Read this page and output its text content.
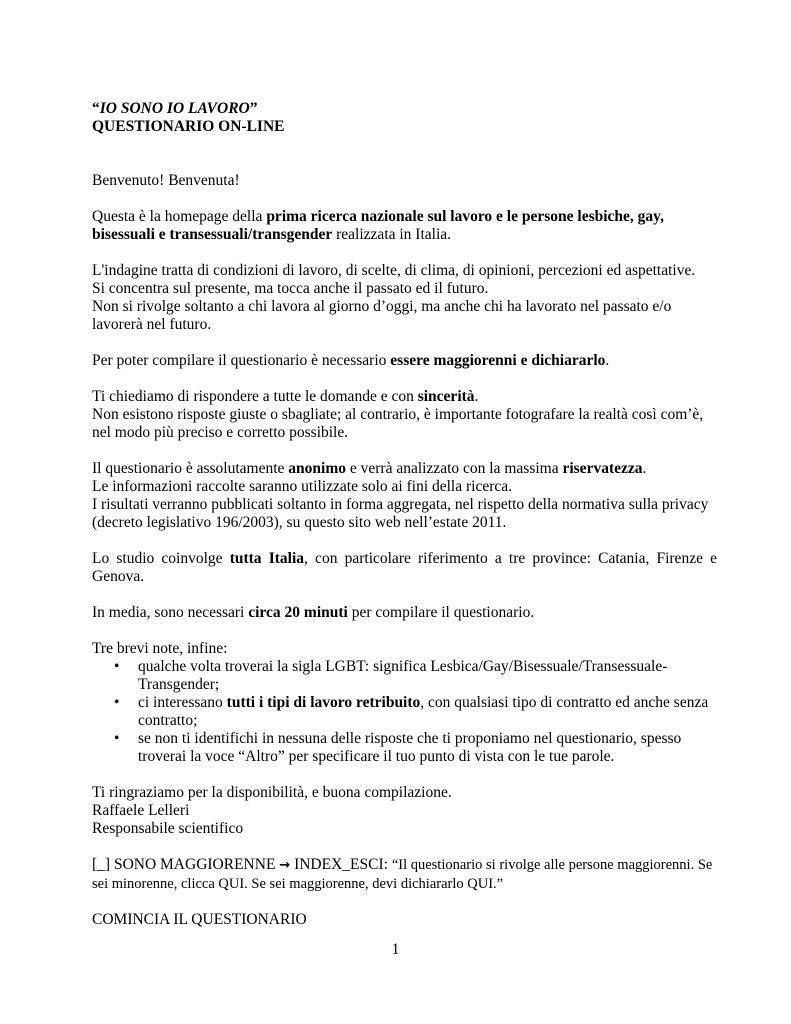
“IO SONO IO LAVORO”

QUESTIONARIO ON-LINE

Benvenuto! Benvenuta!

Questa è la homepage della prima ricerca nazionale sul lavoro e le persone lesbiche, gay, bisessuali e transessuali/transgender realizzata in Italia.

L'indagine tratta di condizioni di lavoro, di scelte, di clima, di opinioni, percezioni ed aspettative.
Si concentra sul presente, ma tocca anche il passato ed il futuro.
Non si rivolge soltanto a chi lavora al giorno d’oggi, ma anche chi ha lavorato nel passato e/o lavorerà nel futuro.

Per poter compilare il questionario è necessario essere maggiorenni e dichiararlo.

Ti chiediamo di rispondere a tutte le domande e con sincerità.
Non esistono risposte giuste o sbagliate; al contrario, è importante fotografare la realtà così com’è, nel modo più preciso e corretto possibile.

Il questionario è assolutamente anonimo e verrà analizzato con la massima riservatezza.
Le informazioni raccolte saranno utilizzate solo ai fini della ricerca.
I risultati verranno pubblicati soltanto in forma aggregata, nel rispetto della normativa sulla privacy (decreto legislativo 196/2003), su questo sito web nell’estate 2011.

Lo studio coinvolge tutta Italia, con particolare riferimento a tre province: Catania, Firenze e Genova.

In media, sono necessari circa 20 minuti per compilare il questionario.

Tre brevi note, infine:

• qualche volta troverai la sigla LGBT: significa Lesbica/Gay/Bisessuale/Transessuale-Transgender;
• ci interessano tutti i tipi di lavoro retribuito, con qualsiasi tipo di contratto ed anche senza contratto;
• se non ti identifichi in nessuna delle risposte che ti proponiamo nel questionario, spesso troverai la voce “Altro” per specificare il tuo punto di vista con le tue parole.

Ti ringraziamo per la disponibilità, e buona compilazione.
Raffaele Lelleri
Responsabile scientifico

[_] SONO MAGGIORENNE → INDEX_ESCI: “Il questionario si rivolge alle persone maggiorenni. Se sei minorenne, clicca QUI. Se sei maggiorenne, devi dichiararlo QUI.”

COMINCIA IL QUESTIONARIO

1
